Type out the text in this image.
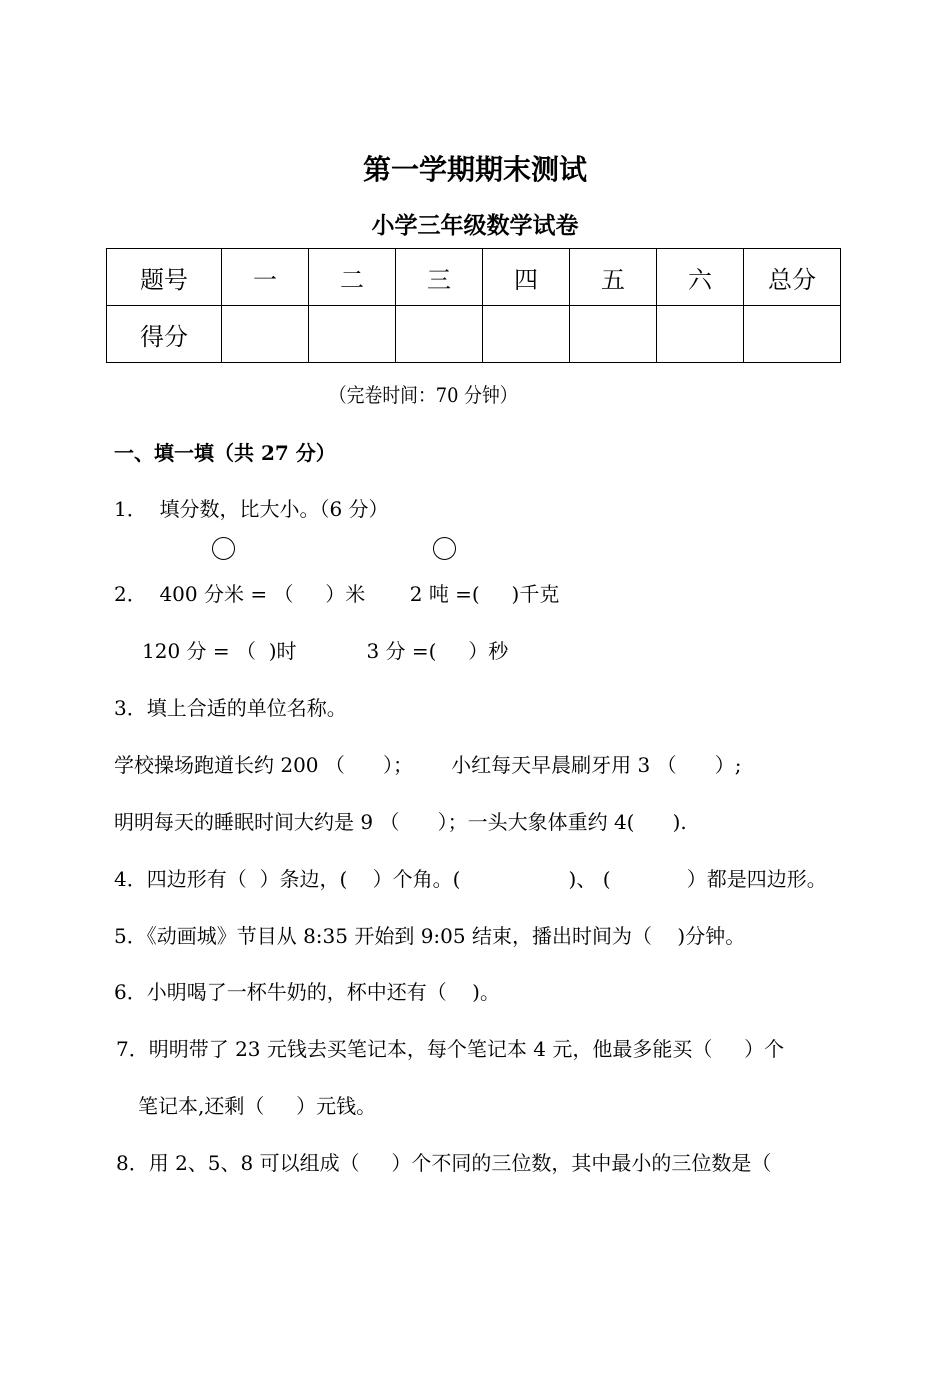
第一学期期末测试
小学三年级数学试卷
题号	一	二	三	四	五	六	总分
得分							
（完卷时间：70 分钟）
一、填一填（共 27 分）
1．  填分数，比大小。（6 分）
2．  400 分米 = （     ）米       2 吨 =(     )千克
120 分 = （  )时           3 分 =(     ）秒
3．填上合适的单位名称。
学校操场跑道长约 200 （      ）；      小红每天早晨刷牙用 3 （      ）;
明明每天的睡眠时间大约是 9 （      ）；一头大象体重约 4(      ).
4．四边形有（  ）条边，(    ）个角。(                 )、 (            ）都是四边形。
5．《动画城》节目从 8:35 开始到 9:05 结束，播出时间为（    )分钟。
6．小明喝了一杯牛奶的，杯中还有（    )。
7．明明带了 23 元钱去买笔记本，每个笔记本 4 元，他最多能买（     ）个
笔记本,还剩（     ）元钱。
8．用 2、5、8 可以组成（     ）个不同的三位数，其中最小的三位数是（
